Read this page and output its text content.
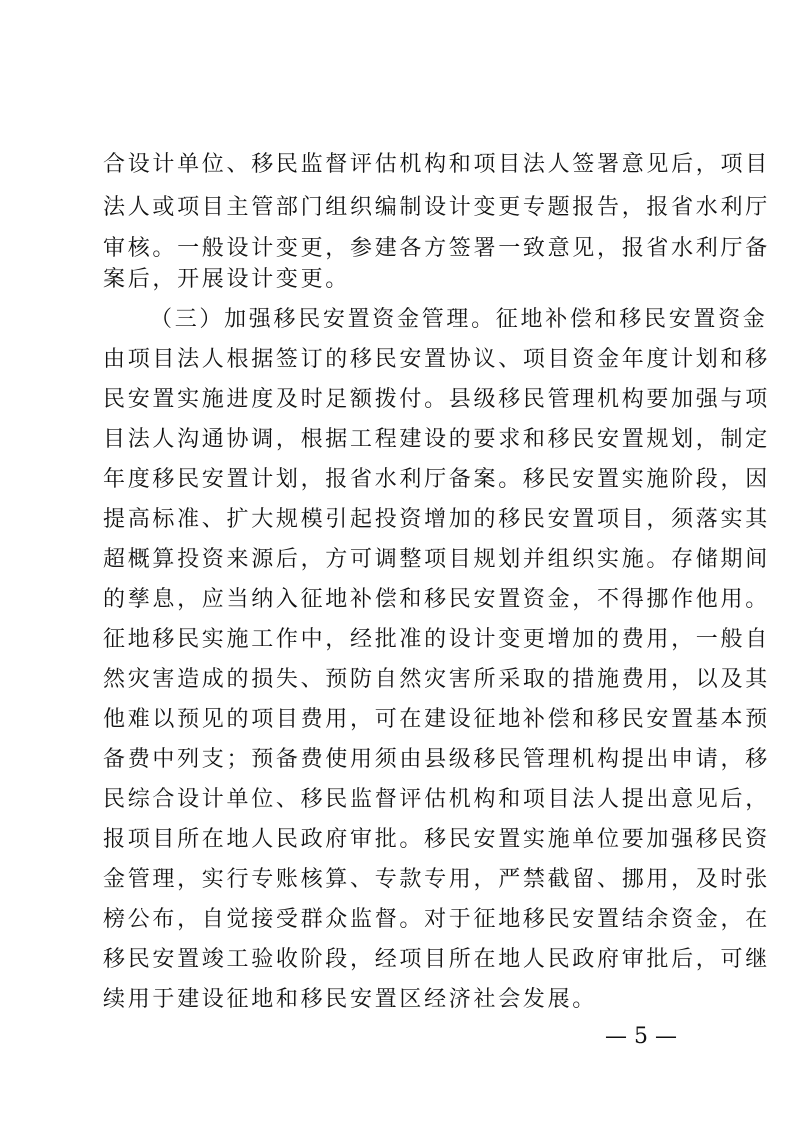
合设计单位、移民监督评估机构和项目法人签署意见后，项目
法人或项目主管部门组织编制设计变更专题报告，报省水利厅
审核。一般设计变更，参建各方签署一致意见，报省水利厅备
案后，开展设计变更。
（三）加强移民安置资金管理。征地补偿和移民安置资金
由项目法人根据签订的移民安置协议、项目资金年度计划和移
民安置实施进度及时足额拨付。县级移民管理机构要加强与项
目法人沟通协调，根据工程建设的要求和移民安置规划，制定
年度移民安置计划，报省水利厅备案。移民安置实施阶段，因
提高标准、扩大规模引起投资增加的移民安置项目，须落实其
超概算投资来源后，方可调整项目规划并组织实施。存储期间
的孳息，应当纳入征地补偿和移民安置资金，不得挪作他用。
征地移民实施工作中，经批准的设计变更增加的费用，一般自
然灾害造成的损失、预防自然灾害所采取的措施费用，以及其
他难以预见的项目费用，可在建设征地补偿和移民安置基本预
备费中列支；预备费使用须由县级移民管理机构提出申请，移
民综合设计单位、移民监督评估机构和项目法人提出意见后，
报项目所在地人民政府审批。移民安置实施单位要加强移民资
金管理，实行专账核算、专款专用，严禁截留、挪用，及时张
榜公布，自觉接受群众监督。对于征地移民安置结余资金，在
移民安置竣工验收阶段，经项目所在地人民政府审批后，可继
续用于建设征地和移民安置区经济社会发展。
— 5 —
